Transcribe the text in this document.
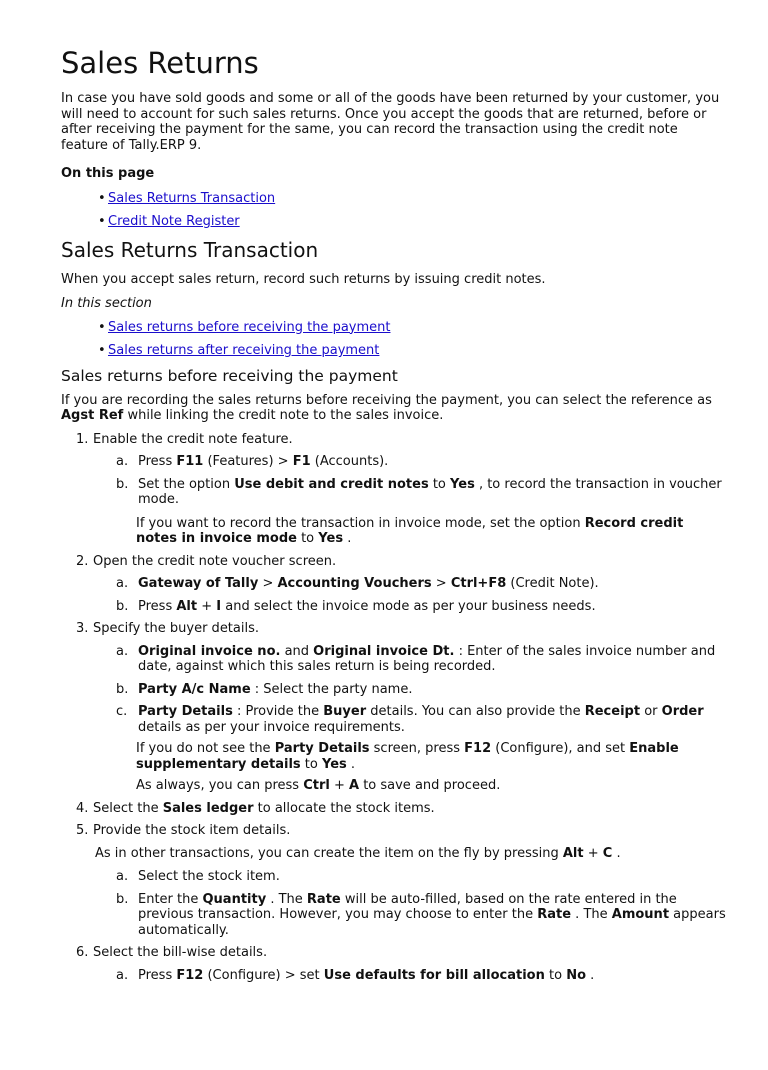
Sales Returns

In case you have sold goods and some or all of the goods have been returned by your customer, you will need to account for such sales returns. Once you accept the goods that are returned, before or after receiving the payment for the same, you can record the transaction using the credit note feature of Tally.ERP 9.

On this page

• Sales Returns Transaction
• Credit Note Register
Sales Returns Transaction

When you accept sales return, record such returns by issuing credit notes.

In this section

• Sales returns before receiving the payment
• Sales returns after receiving the payment
Sales returns before receiving the payment

If you are recording the sales returns before receiving the payment, you can select the reference as Agst Ref while linking the credit note to the sales invoice.

1. Enable the credit note feature.
a. Press F11 (Features) > F1 (Accounts).
b. Set the option Use debit and credit notes to Yes , to record the transaction in voucher mode.

If you want to record the transaction in invoice mode, set the option Record credit notes in invoice mode to Yes .

2. Open the credit note voucher screen.
a. Gateway of Tally > Accounting Vouchers > Ctrl+F8 (Credit Note).
b. Press Alt + I and select the invoice mode as per your business needs.
3. Specify the buyer details.
a. Original invoice no. and Original invoice Dt. : Enter of the sales invoice number and date, against which this sales return is being recorded.
b. Party A/c Name : Select the party name.
c. Party Details : Provide the Buyer details. You can also provide the Receipt or Order details as per your invoice requirements.

If you do not see the Party Details screen, press F12 (Configure), and set Enable supplementary details to Yes .

As always, you can press Ctrl + A to save and proceed.

4. Select the Sales ledger to allocate the stock items.
5. Provide the stock item details.

As in other transactions, you can create the item on the fly by pressing Alt + C .

a. Select the stock item.
b. Enter the Quantity . The Rate will be auto-filled, based on the rate entered in the previous transaction. However, you may choose to enter the Rate . The Amount appears automatically.
6. Select the bill-wise details.
a. Press F12 (Configure) > set Use defaults for bill allocation to No .
